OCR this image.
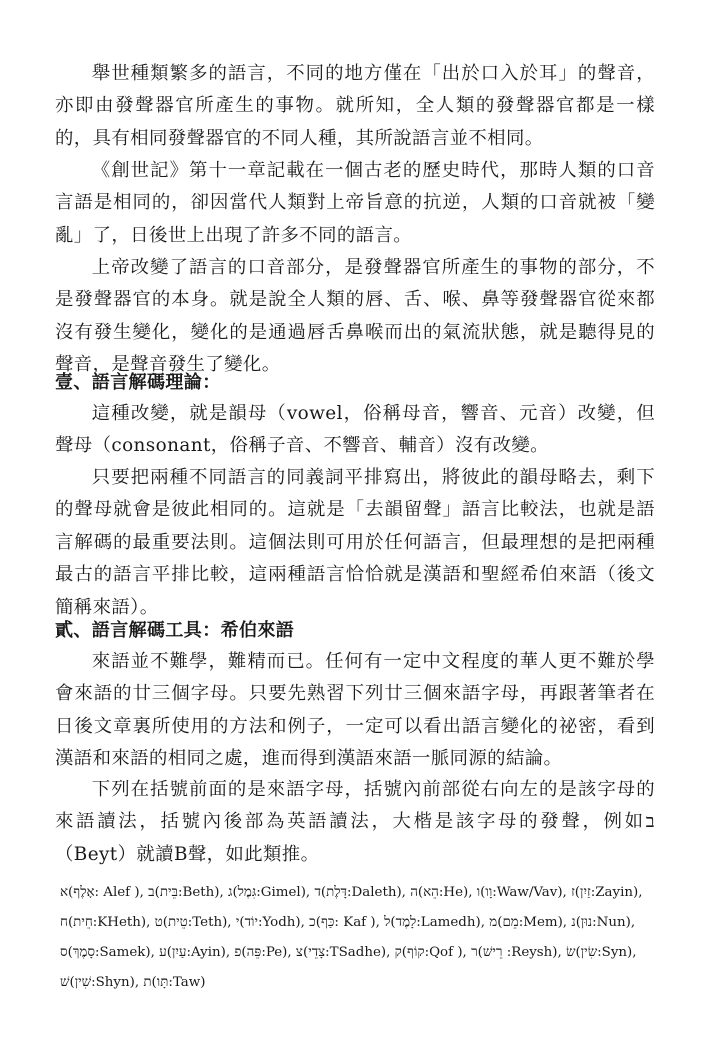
舉世種類繁多的語言，不同的地方僅在「出於口入於耳」的聲音，亦即由發聲器官所產生的事物。就所知，全人類的發聲器官都是一樣的，具有相同發聲器官的不同人種，其所說語言並不相同。

《創世記》第十一章記載在一個古老的歷史時代，那時人類的口音言語是相同的，卻因當代人類對上帝旨意的抗逆，人類的口音就被「變亂」了，日後世上出現了許多不同的語言。

上帝改變了語言的口音部分，是發聲器官所產生的事物的部分，不是發聲器官的本身。就是說全人類的唇、舌、喉、鼻等發聲器官從來都沒有發生變化，變化的是通過唇舌鼻喉而出的氣流狀態，就是聽得見的聲音，是聲音發生了變化。

壹、語言解碼理論：

這種改變，就是韻母（vowel，俗稱母音，響音、元音）改變，但聲母（consonant，俗稱子音、不響音、輔音）沒有改變。

只要把兩種不同語言的同義詞平排寫出，將彼此的韻母略去，剩下的聲母就會是彼此相同的。這就是「去韻留聲」語言比較法，也就是語言解碼的最重要法則。這個法則可用於任何語言，但最理想的是把兩種最古的語言平排比較，這兩種語言恰恰就是漢語和聖經希伯來語（後文簡稱來語）。

貳、語言解碼工具：希伯來語

來語並不難學，難精而已。任何有一定中文程度的華人更不難於學會來語的廿三個字母。只要先熟習下列廿三個來語字母，再跟著筆者在日後文章裏所使用的方法和例子，一定可以看出語言變化的祕密，看到漢語和來語的相同之處，進而得到漢語來語一脈同源的結論。

下列在括號前面的是來語字母，括號內前部從右向左的是該字母的來語讀法，括號內後部為英語讀法，大楷是該字母的發聲，例如ב（Beyt）就讀B聲，如此類推。

א(אָלֶף: Alef ), ב(בֵּית:Beth), ג(גִּמֶל:Gimel), ד(דָּלֶת:Daleth), ה(הֵא:He), ו(וָו:Waw/Vav), ז(זַיִן:Zayin),
ח(חֵית:KHeth), ט(טֵית:Teth), י(יוֹד:Yodh), כ(כַּף: Kaf ), ל(לָמֶד:Lamedh), מ(מֵם:Mem), נ(נוּן:Nun),
ס(סָמֶךְ:Samek), ע(עַיִן:Ayin), פ(פֵּה:Pe), צ(צָדֵי:TSadhe), ק(קוֹף:Qof ), ר(רֵישׁ :Reysh), שׂ(שִׂין:Syn),
שׁ(שִׁין:Shyn), ת(תָּו:Taw)
